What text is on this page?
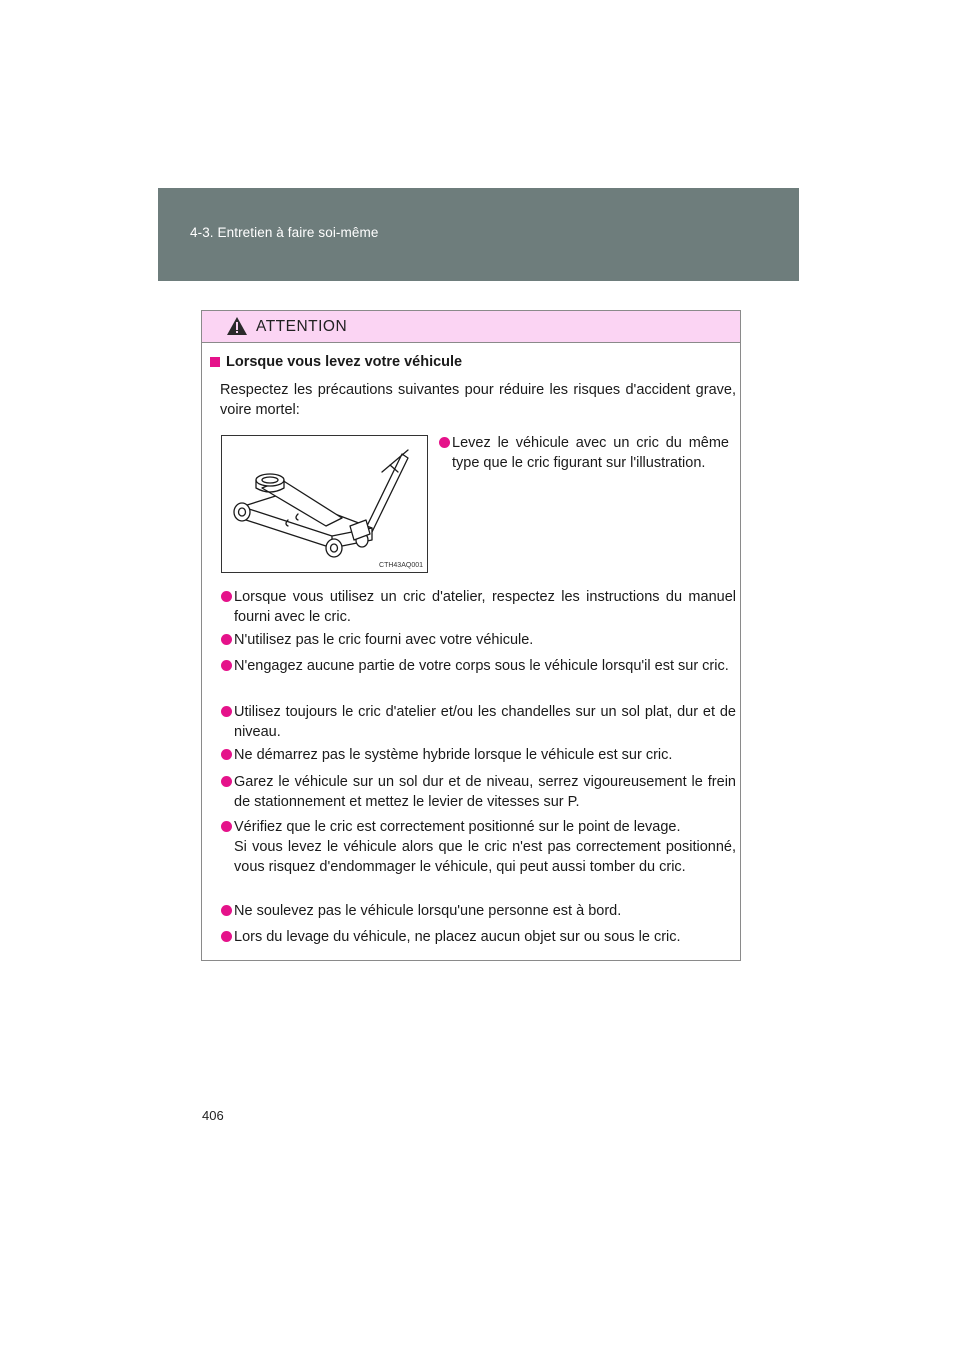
4-3. Entretien à faire soi-même
ATTENTION
Lorsque vous levez votre véhicule
Respectez les précautions suivantes pour réduire les risques d'accident grave, voire mortel:
CTH43AQ001
Levez le véhicule avec un cric du même type que le cric figurant sur l'illustration.
Lorsque vous utilisez un cric d'atelier, respectez les instructions du manuel fourni avec le cric.
N'utilisez pas le cric fourni avec votre véhicule.
N'engagez aucune partie de votre corps sous le véhicule lorsqu'il est sur cric.
Utilisez toujours le cric d'atelier et/ou les chandelles sur un sol plat, dur et de niveau.
Ne démarrez pas le système hybride lorsque le véhicule est sur cric.
Garez le véhicule sur un sol dur et de niveau, serrez vigoureusement le frein de stationnement et mettez le levier de vitesses sur P.
Vérifiez que le cric est correctement positionné sur le point de levage.
Si vous levez le véhicule alors que le cric n'est pas correctement positionné, vous risquez d'endommager le véhicule, qui peut aussi tomber du cric.
Ne soulevez pas le véhicule lorsqu'une personne est à bord.
Lors du levage du véhicule, ne placez aucun objet sur ou sous le cric.
406
